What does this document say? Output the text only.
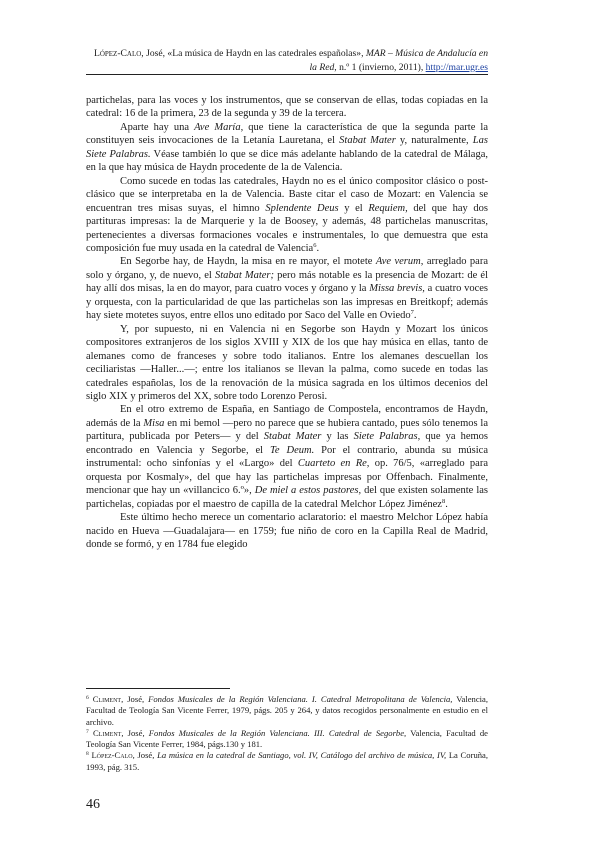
López-Calo, José, «La música de Haydn en las catedrales españolas», MAR – Música de Andalucía en la Red, n.º 1 (invierno, 2011), http://mar.ugr.es

partichelas, para las voces y los instrumentos, que se conservan de ellas, todas copiadas en la catedral: 16 de la primera, 23 de la segunda y 39 de la tercera.

Aparte hay una Ave María, que tiene la característica de que la segunda parte la constituyen seis invocaciones de la Letanía Lauretana, el Stabat Mater y, naturalmente, Las Siete Palabras. Véase también lo que se dice más adelante hablando de la catedral de Málaga, en la que hay música de Haydn procedente de la de Valencia.

Como sucede en todas las catedrales, Haydn no es el único compositor clásico o post-clásico que se interpretaba en la de Valencia. Baste citar el caso de Mozart: en Valencia se encuentran tres misas suyas, el himno Splendente Deus y el Requiem, del que hay dos partituras impresas: la de Marquerie y la de Boosey, y además, 48 partichelas manuscritas, pertenecientes a diversas formaciones vocales e instrumentales, lo que demuestra que esta composición fue muy usada en la catedral de Valencia$^6$.

En Segorbe hay, de Haydn, la misa en re mayor, el motete Ave verum, arreglado para solo y órgano, y, de nuevo, el Stabat Mater; pero más notable es la presencia de Mozart: de él hay allí dos misas, la en do mayor, para cuatro voces y órgano y la Missa brevis, a cuatro voces y orquesta, con la particularidad de que las partichelas son las impresas en Breitkopf; además hay siete motetes suyos, entre ellos uno editado por Saco del Valle en Oviedo$^7$.

Y, por supuesto, ni en Valencia ni en Segorbe son Haydn y Mozart los únicos compositores extranjeros de los siglos XVIII y XIX de los que hay música en ellas, tanto de alemanes como de franceses y sobre todo italianos. Entre los alemanes descuellan los ceciliaristas —Haller...—; entre los italianos se llevan la palma, como sucede en todas las catedrales españolas, los de la renovación de la música sagrada en los últimos decenios del siglo XIX y primeros del XX, sobre todo Lorenzo Perosi.

En el otro extremo de España, en Santiago de Compostela, encontramos de Haydn, además de la Misa en mi bemol —pero no parece que se hubiera cantado, pues sólo tenemos la partitura, publicada por Peters— y del Stabat Mater y las Siete Palabras, que ya hemos encontrado en Valencia y Segorbe, el Te Deum. Por el contrario, abunda su música instrumental: ocho sinfonías y el «Largo» del Cuarteto en Re, op. 76/5, «arreglado para orquesta por Kosmaly», del que hay las partichelas impresas por Offenbach. Finalmente, mencionar que hay un «villancico 6.º», De miel a estos pastores, del que existen solamente las partichelas, copiadas por el maestro de capilla de la catedral Melchor López Jiménez$^8$.

Este último hecho merece un comentario aclaratorio: el maestro Melchor López había nacido en Hueva —Guadalajara— en 1759; fue niño de coro en la Capilla Real de Madrid, donde se formó, y en 1784 fue elegido

$^6$ Climent, José, Fondos Musicales de la Región Valenciana. I. Catedral Metropolitana de Valencia, Valencia, Facultad de Teología San Vicente Ferrer, 1979, págs. 205 y 264, y datos recogidos personalmente en estudio en el archivo.

$^7$ Climent, José, Fondos Musicales de la Región Valenciana. III. Catedral de Segorbe, Valencia, Facultad de Teología San Vicente Ferrer, 1984, págs.130 y 181.

$^8$ López-Calo, José, La música en la catedral de Santiago, vol. IV, Catálogo del archivo de música, IV, La Coruña, 1993, pág. 315.

46
